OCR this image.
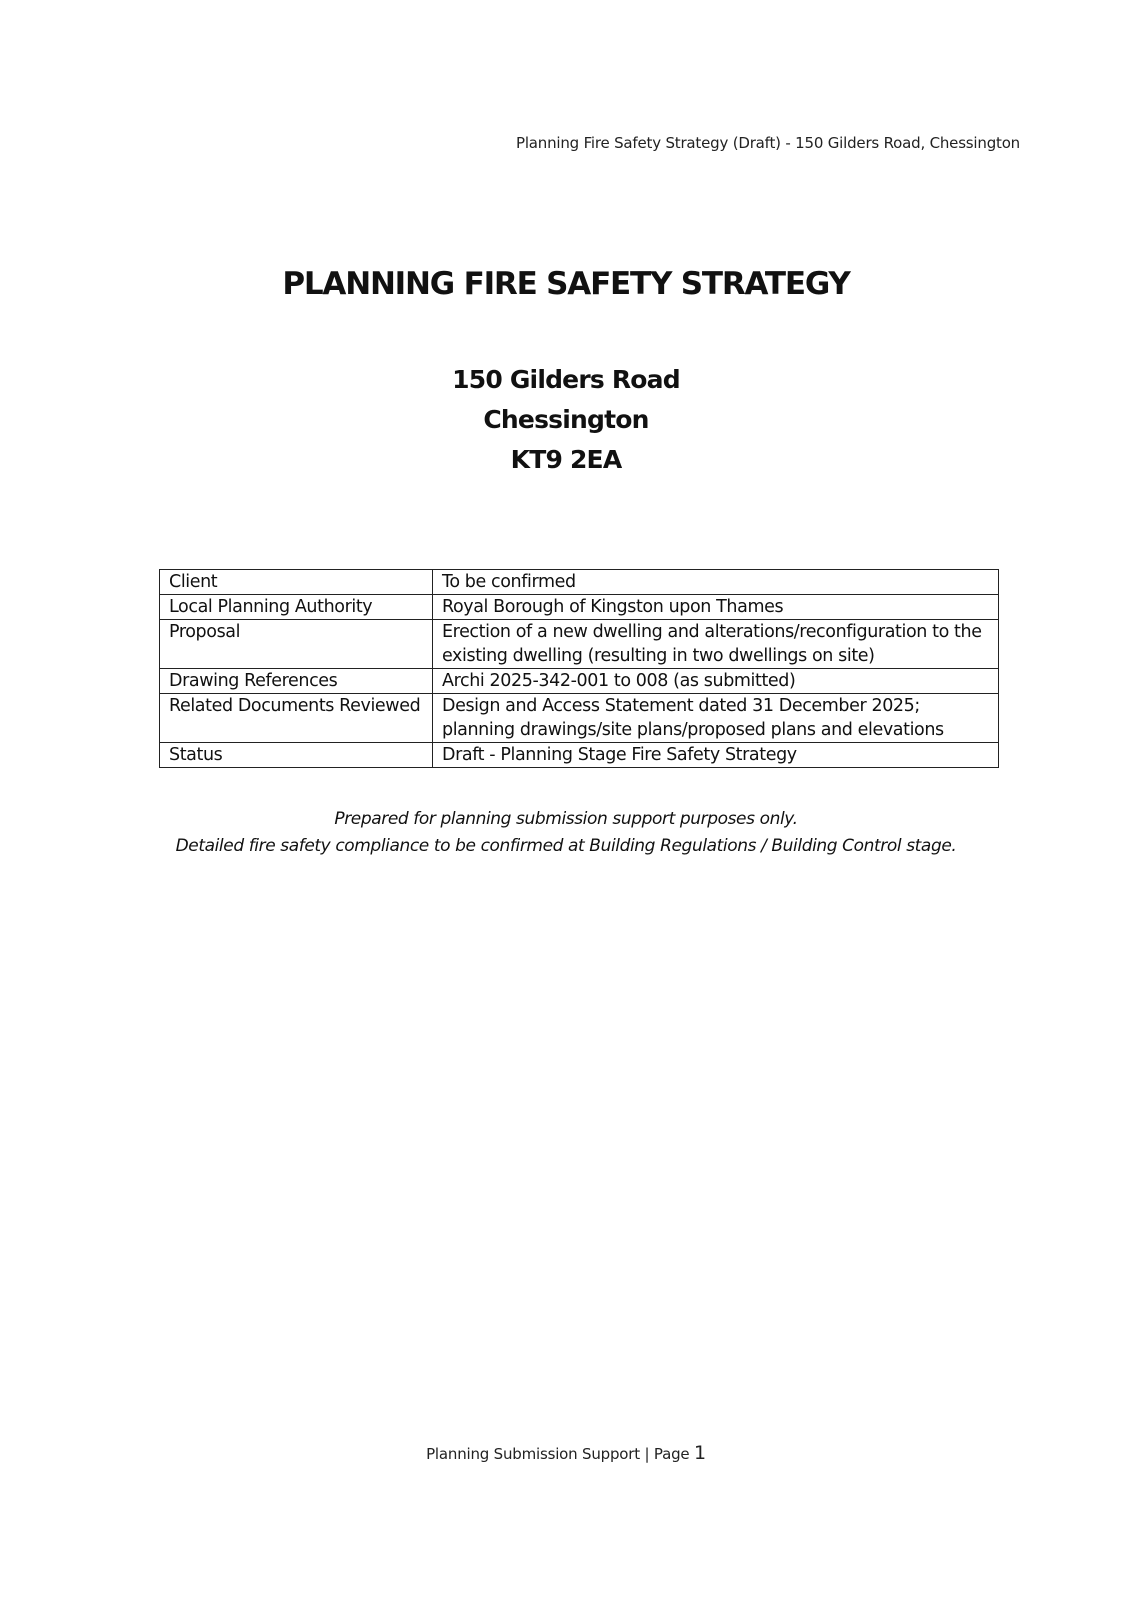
Planning Fire Safety Strategy (Draft) - 150 Gilders Road, Chessington
PLANNING FIRE SAFETY STRATEGY
150 Gilders Road
Chessington
KT9 2EA
Client	To be confirmed
Local Planning Authority	Royal Borough of Kingston upon Thames
Proposal	Erection of a new dwelling and alterations/reconfiguration to the existing dwelling (resulting in two dwellings on site)
Drawing References	Archi 2025-342-001 to 008 (as submitted)
Related Documents Reviewed	Design and Access Statement dated 31 December 2025; planning drawings/site plans/proposed plans and elevations
Status	Draft - Planning Stage Fire Safety Strategy
Prepared for planning submission support purposes only.
Detailed fire safety compliance to be confirmed at Building Regulations / Building Control stage.
Planning Submission Support | Page 1
